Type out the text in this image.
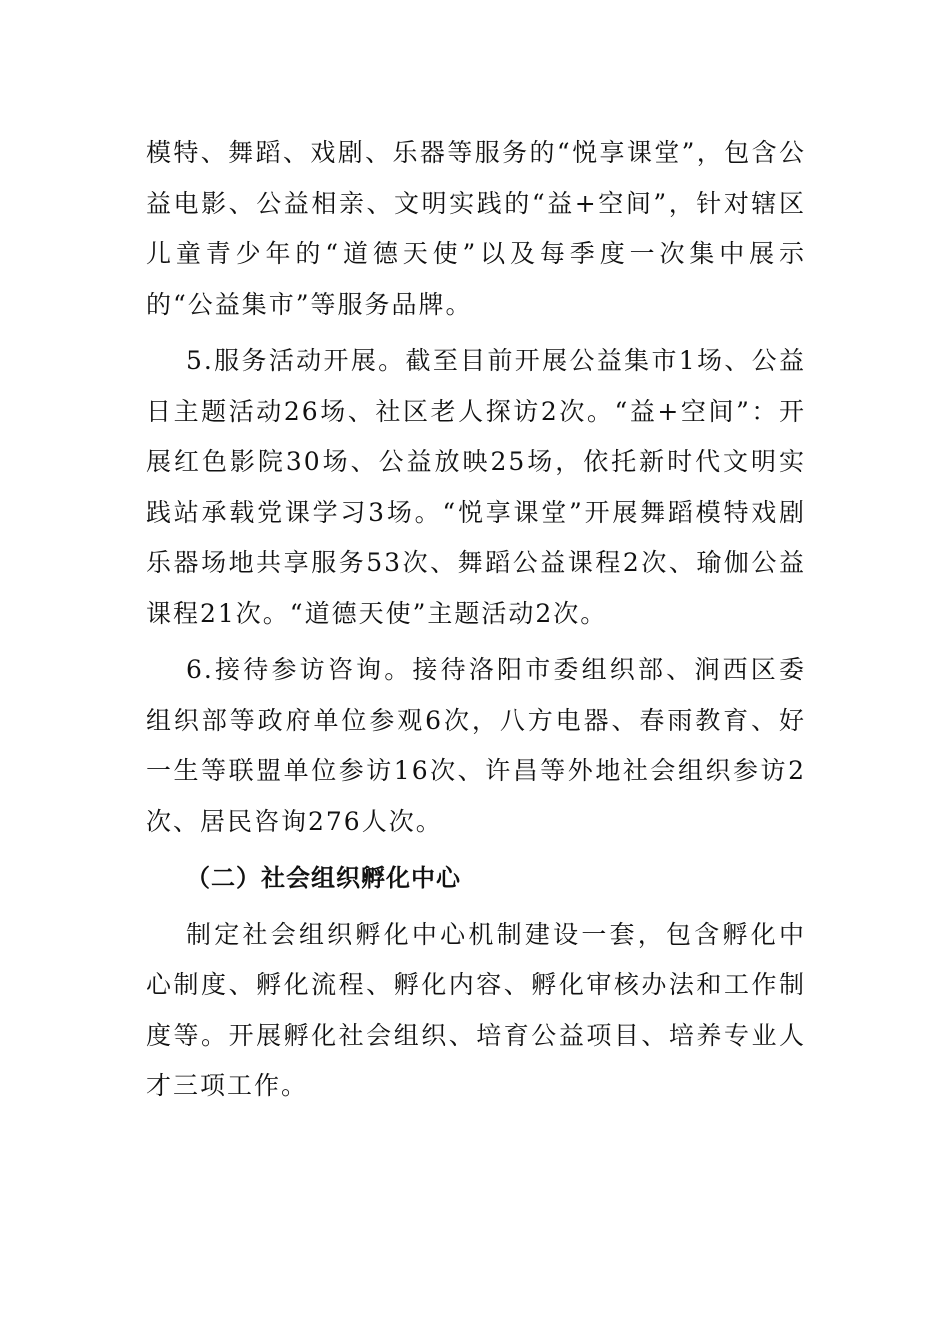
模特、舞蹈、戏剧、乐器等服务的“悦享课堂”，包含公益电影、公益相亲、文明实践的“益+空间”，针对辖区儿童青少年的“道德天使”以及每季度一次集中展示的“公益集市”等服务品牌。

5.服务活动开展。截至目前开展公益集市1场、公益日主题活动26场、社区老人探访2次。“益+空间”：开展红色影院30场、公益放映25场，依托新时代文明实践站承载党课学习3场。“悦享课堂”开展舞蹈模特戏剧乐器场地共享服务53次、舞蹈公益课程2次、瑜伽公益课程21次。“道德天使”主题活动2次。

6.接待参访咨询。接待洛阳市委组织部、涧西区委组织部等政府单位参观6次，八方电器、春雨教育、好一生等联盟单位参访16次、许昌等外地社会组织参访2次、居民咨询276人次。

（二）社会组织孵化中心

制定社会组织孵化中心机制建设一套，包含孵化中心制度、孵化流程、孵化内容、孵化审核办法和工作制度等。开展孵化社会组织、培育公益项目、培养专业人才三项工作。
